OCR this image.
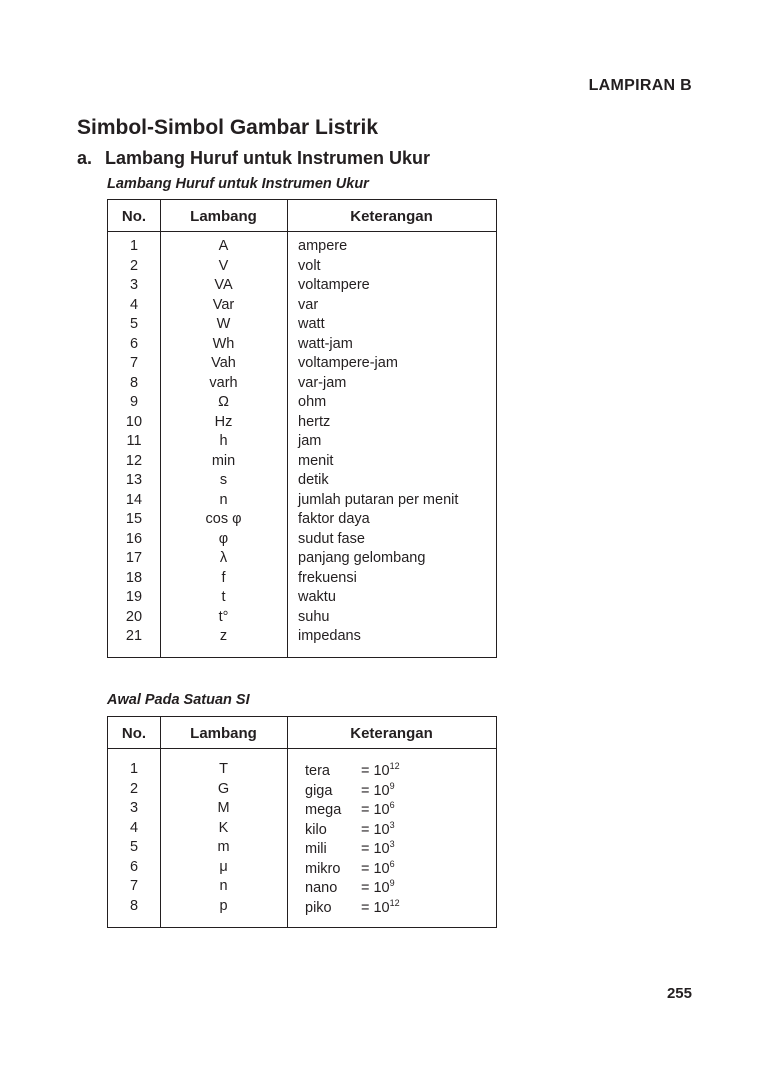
LAMPIRAN B
Simbol-Simbol Gambar Listrik
a. Lambang Huruf untuk Instrumen Ukur
Lambang Huruf untuk Instrumen Ukur
No.	Lambang	Keterangan
1	A	ampere
2	V	volt
3	VA	voltampere
4	Var	var
5	W	watt
6	Wh	watt-jam
7	Vah	voltampere-jam
8	varh	var-jam
9	Ω	ohm
10	Hz	hertz
11	h	jam
12	min	menit
13	s	detik
14	n	jumlah putaran per menit
15	cos φ	faktor daya
16	φ	sudut fase
17	λ	panjang gelombang
18	f	frekuensi
19	t	waktu
20	t°	suhu
21	z	impedans
Awal Pada Satuan SI
No.	Lambang	Keterangan
1	T	tera = $10^{12}$
2	G	giga = $10^9$
3	M	mega = $10^6$
4	K	kilo = $10^3$
5	m	mili = $10^3$
6	μ	mikro = $10^6$
7	n	nano = $10^9$
8	p	piko = $10^{12}$
255
